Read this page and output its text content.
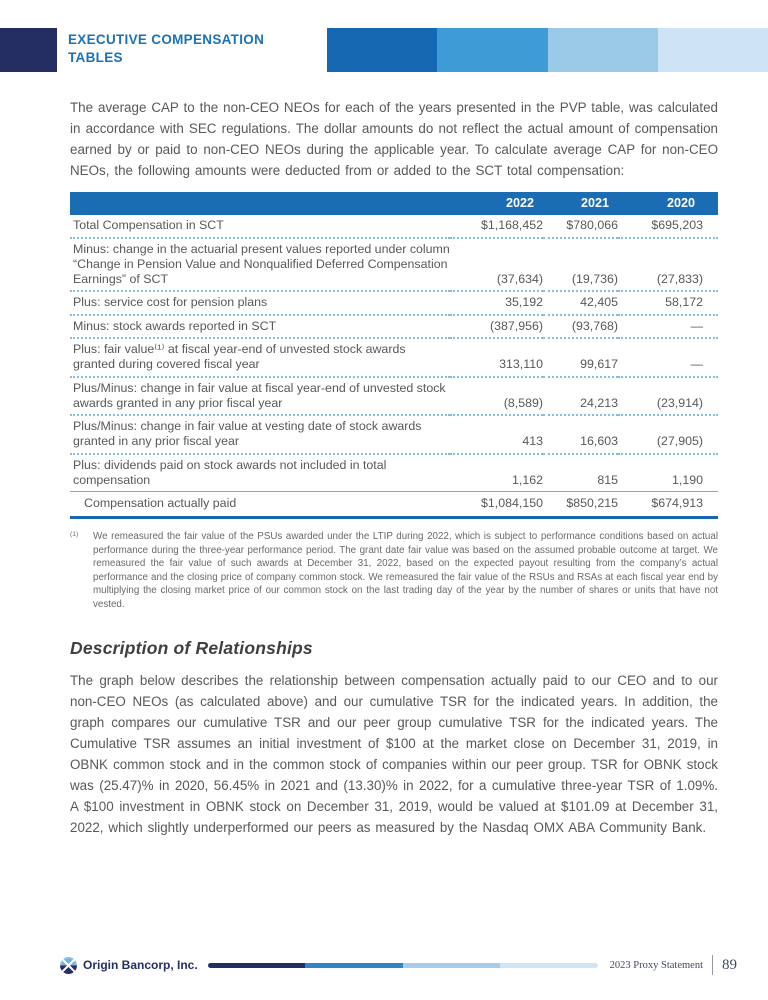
EXECUTIVE COMPENSATION
TABLES

The average CAP to the non-CEO NEOs for each of the years presented in the PVP table, was calculated in accordance with SEC regulations. The dollar amounts do not reflect the actual amount of compensation earned by or paid to non-CEO NEOs during the applicable year. To calculate average CAP for non-CEO NEOs, the following amounts were deducted from or added to the SCT total compensation:

	2022	2021	2020
Total Compensation in SCT	$1,168,452	$780,066	$695,203
Minus: change in the actuarial present values reported under column “Change in Pension Value and Nonqualified Deferred Compensation Earnings” of SCT	(37,634)	(19,736)	(27,833)
Plus: service cost for pension plans	35,192	42,405	58,172
Minus: stock awards reported in SCT	(387,956)	(93,768)	—
Plus: fair value⁽¹⁾ at fiscal year-end of unvested stock awards granted during covered fiscal year	313,110	99,617	—
Plus/Minus: change in fair value at fiscal year-end of unvested stock awards granted in any prior fiscal year	(8,589)	24,213	(23,914)
Plus/Minus: change in fair value at vesting date of stock awards granted in any prior fiscal year	413	16,603	(27,905)
Plus: dividends paid on stock awards not included in total compensation	1,162	815	1,190
Compensation actually paid	$1,084,150	$850,215	$674,913
(1)	We remeasured the fair value of the PSUs awarded under the LTIP during 2022, which is subject to performance conditions based on actual performance during the three-year performance period. The grant date fair value was based on the assumed probable outcome at target. We remeasured the fair value of such awards at December 31, 2022, based on the expected payout resulting from the company’s actual performance and the closing price of company common stock. We remeasured the fair value of the RSUs and RSAs at each fiscal year end by multiplying the closing market price of our common stock on the last trading day of the year by the number of shares or units that have not vested.

Description of Relationships

The graph below describes the relationship between compensation actually paid to our CEO and to our non-CEO NEOs (as calculated above) and our cumulative TSR for the indicated years. In addition, the graph compares our cumulative TSR and our peer group cumulative TSR for the indicated years. The Cumulative TSR assumes an initial investment of $100 at the market close on December 31, 2019, in OBNK common stock and in the common stock of companies within our peer group. TSR for OBNK stock was (25.47)% in 2020, 56.45% in 2021 and (13.30)% in 2022, for a cumulative three-year TSR of 1.09%. A $100 investment in OBNK stock on December 31, 2019, would be valued at $101.09 at December 31, 2022, which slightly underperformed our peers as measured by the Nasdaq OMX ABA Community Bank.

Origin Bancorp, Inc.	2023 Proxy Statement 89
